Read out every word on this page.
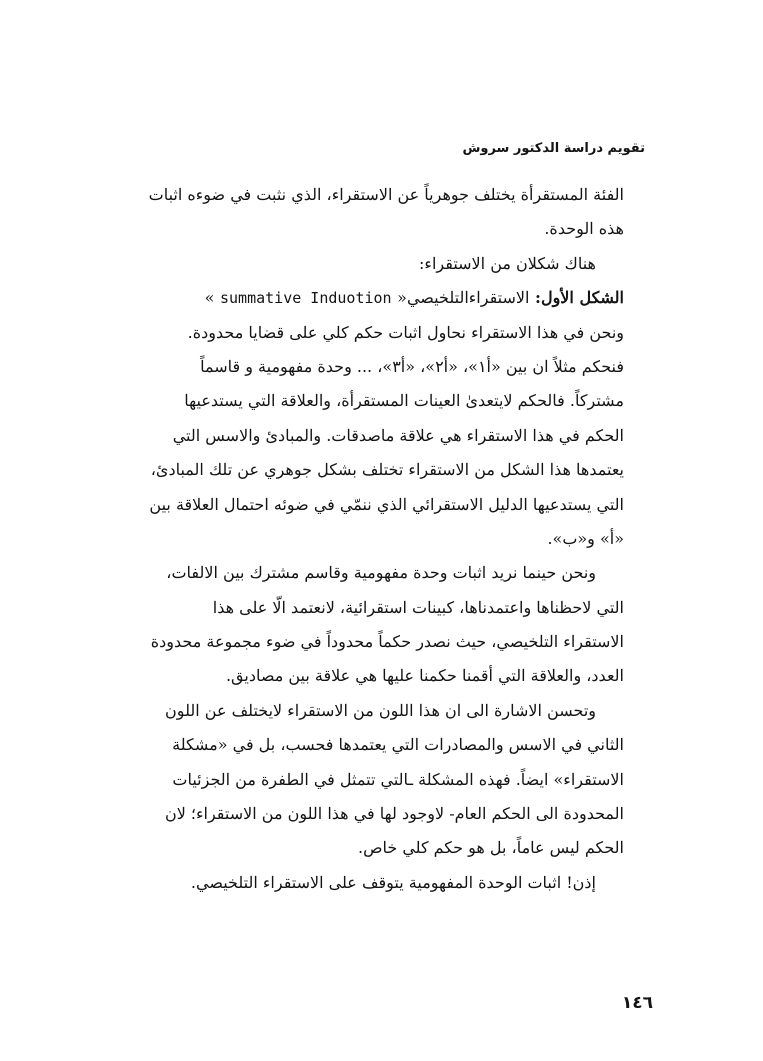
تقويم دراسة الدكتور سروش
الفئة المستقرأة يختلف جوهرياً عن الاستقراء، الذي نثبت في ضوءه اثبات
هذه الوحدة.
هناك شكلان من الاستقراء:
الشكل الأول: الاستقراءالتلخيصي« summative Induotion »
ونحن في هذا الاستقراء نحاول اثبات حكم كلي على قضايا محدودة.
فنحكم مثلاً ان بين «أ١»، «أ٢»، «أ٣»، ... وحدة مفهومية و قاسماً
مشتركاً. فالحكم لايتعدىٰ العينات المستقرأة، والعلاقة التي يستدعيها
الحكم في هذا الاستقراء هي علاقة ماصدقات. والمبادئ والاسس التي
يعتمدها هذا الشكل من الاستقراء تختلف بشكل جوهري عن تلك المبادئ،
التي يستدعيها الدليل الاستقرائي الذي ننمّي في ضوئه احتمال العلاقة بين
«أ» و«ب».
ونحن حينما نريد اثبات وحدة مفهومية وقاسم مشترك بين الالفات،
التي لاحظناها واعتمدناها، كبينات استقرائية، لانعتمد الّا على هذا
الاستقراء التلخيصي، حيث نصدر حكماً محدوداً في ضوء مجموعة محدودة
العدد، والعلاقة التي أقمنا حكمنا عليها هي علاقة بين مصاديق.
وتحسن الاشارة الى ان هذا اللون من الاستقراء لايختلف عن اللون
الثاني في الاسس والمصادرات التي يعتمدها فحسب، بل في «مشكلة
الاستقراء» ايضاً. فهذه المشكلة ـالتي تتمثل في الطفرة من الجزئيات
المحدودة الى الحكم العام- لاوجود لها في هذا اللون من الاستقراء؛ لان
الحكم ليس عاماً، بل هو حكم كلي خاص.
إذن! اثبات الوحدة المفهومية يتوقف على الاستقراء التلخيصي.
١٤٦
